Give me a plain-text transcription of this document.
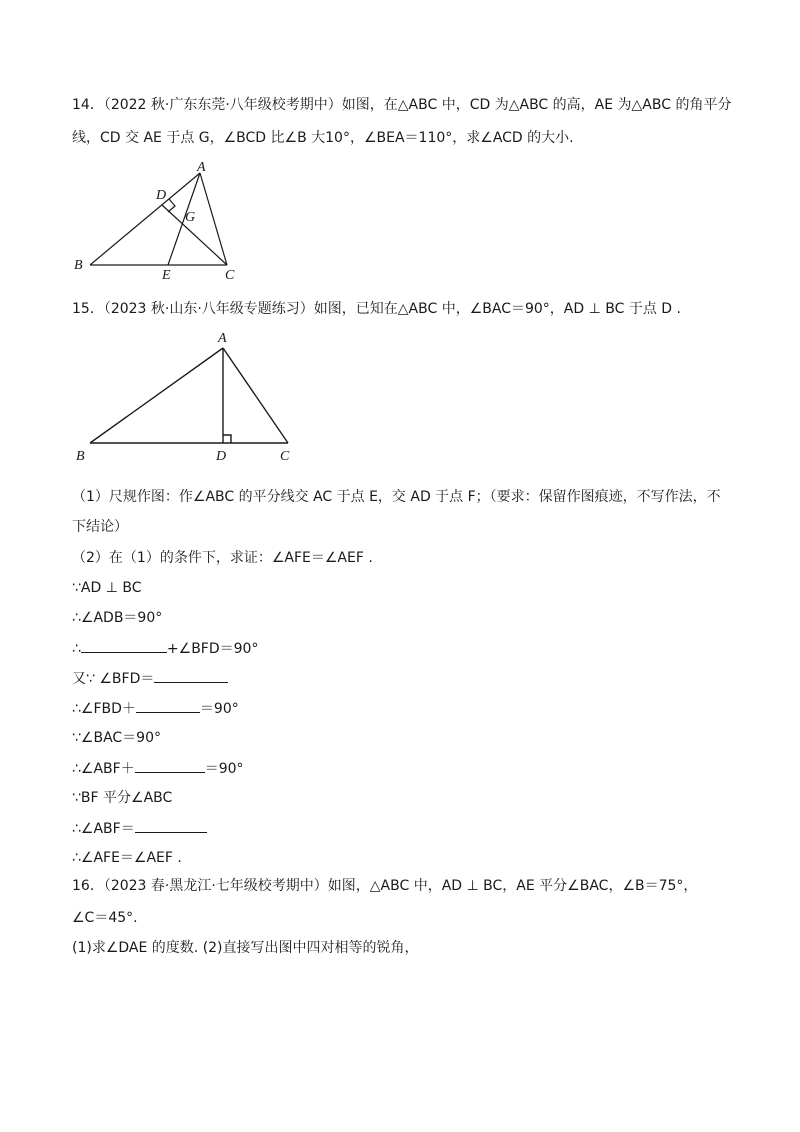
14．（2022 秋·广东东莞·八年级校考期中）如图，在△ABC 中，CD 为△ABC 的高，AE 为△ABC 的角平分
线，CD 交 AE 于点 G，∠BCD 比∠B 大10°，∠BEA＝110°，求∠ACD 的大小.
A
B
C
D
E
G
15．（2023 秋·山东·八年级专题练习）如图，已知在△ABC 中，∠BAC＝90°，AD ⊥ BC 于点 D .
A
B	C
D
（1）尺规作图：作∠ABC 的平分线交 AC 于点 E，交 AD 于点 F；（要求：保留作图痕迹，不写作法，不
下结论）
（2）在（1）的条件下，求证：∠AFE＝∠AEF .
∵AD ⊥ BC
∴∠ADB＝90°
∴	+∠BFD＝90°
又∵ ∠BFD＝
∴∠FBD＋	＝90°
∵∠BAC＝90°
∴∠ABF＋	＝90°
∵BF 平分∠ABC
∴∠ABF＝
∴∠AFE＝∠AEF .
16．（2023 春·黑龙江·七年级校考期中）如图，△ABC 中，AD ⊥ BC，AE 平分∠BAC，∠B＝75°，
∠C＝45°.
(1)求∠DAE 的度数. (2)直接写出图中四对相等的锐角，
